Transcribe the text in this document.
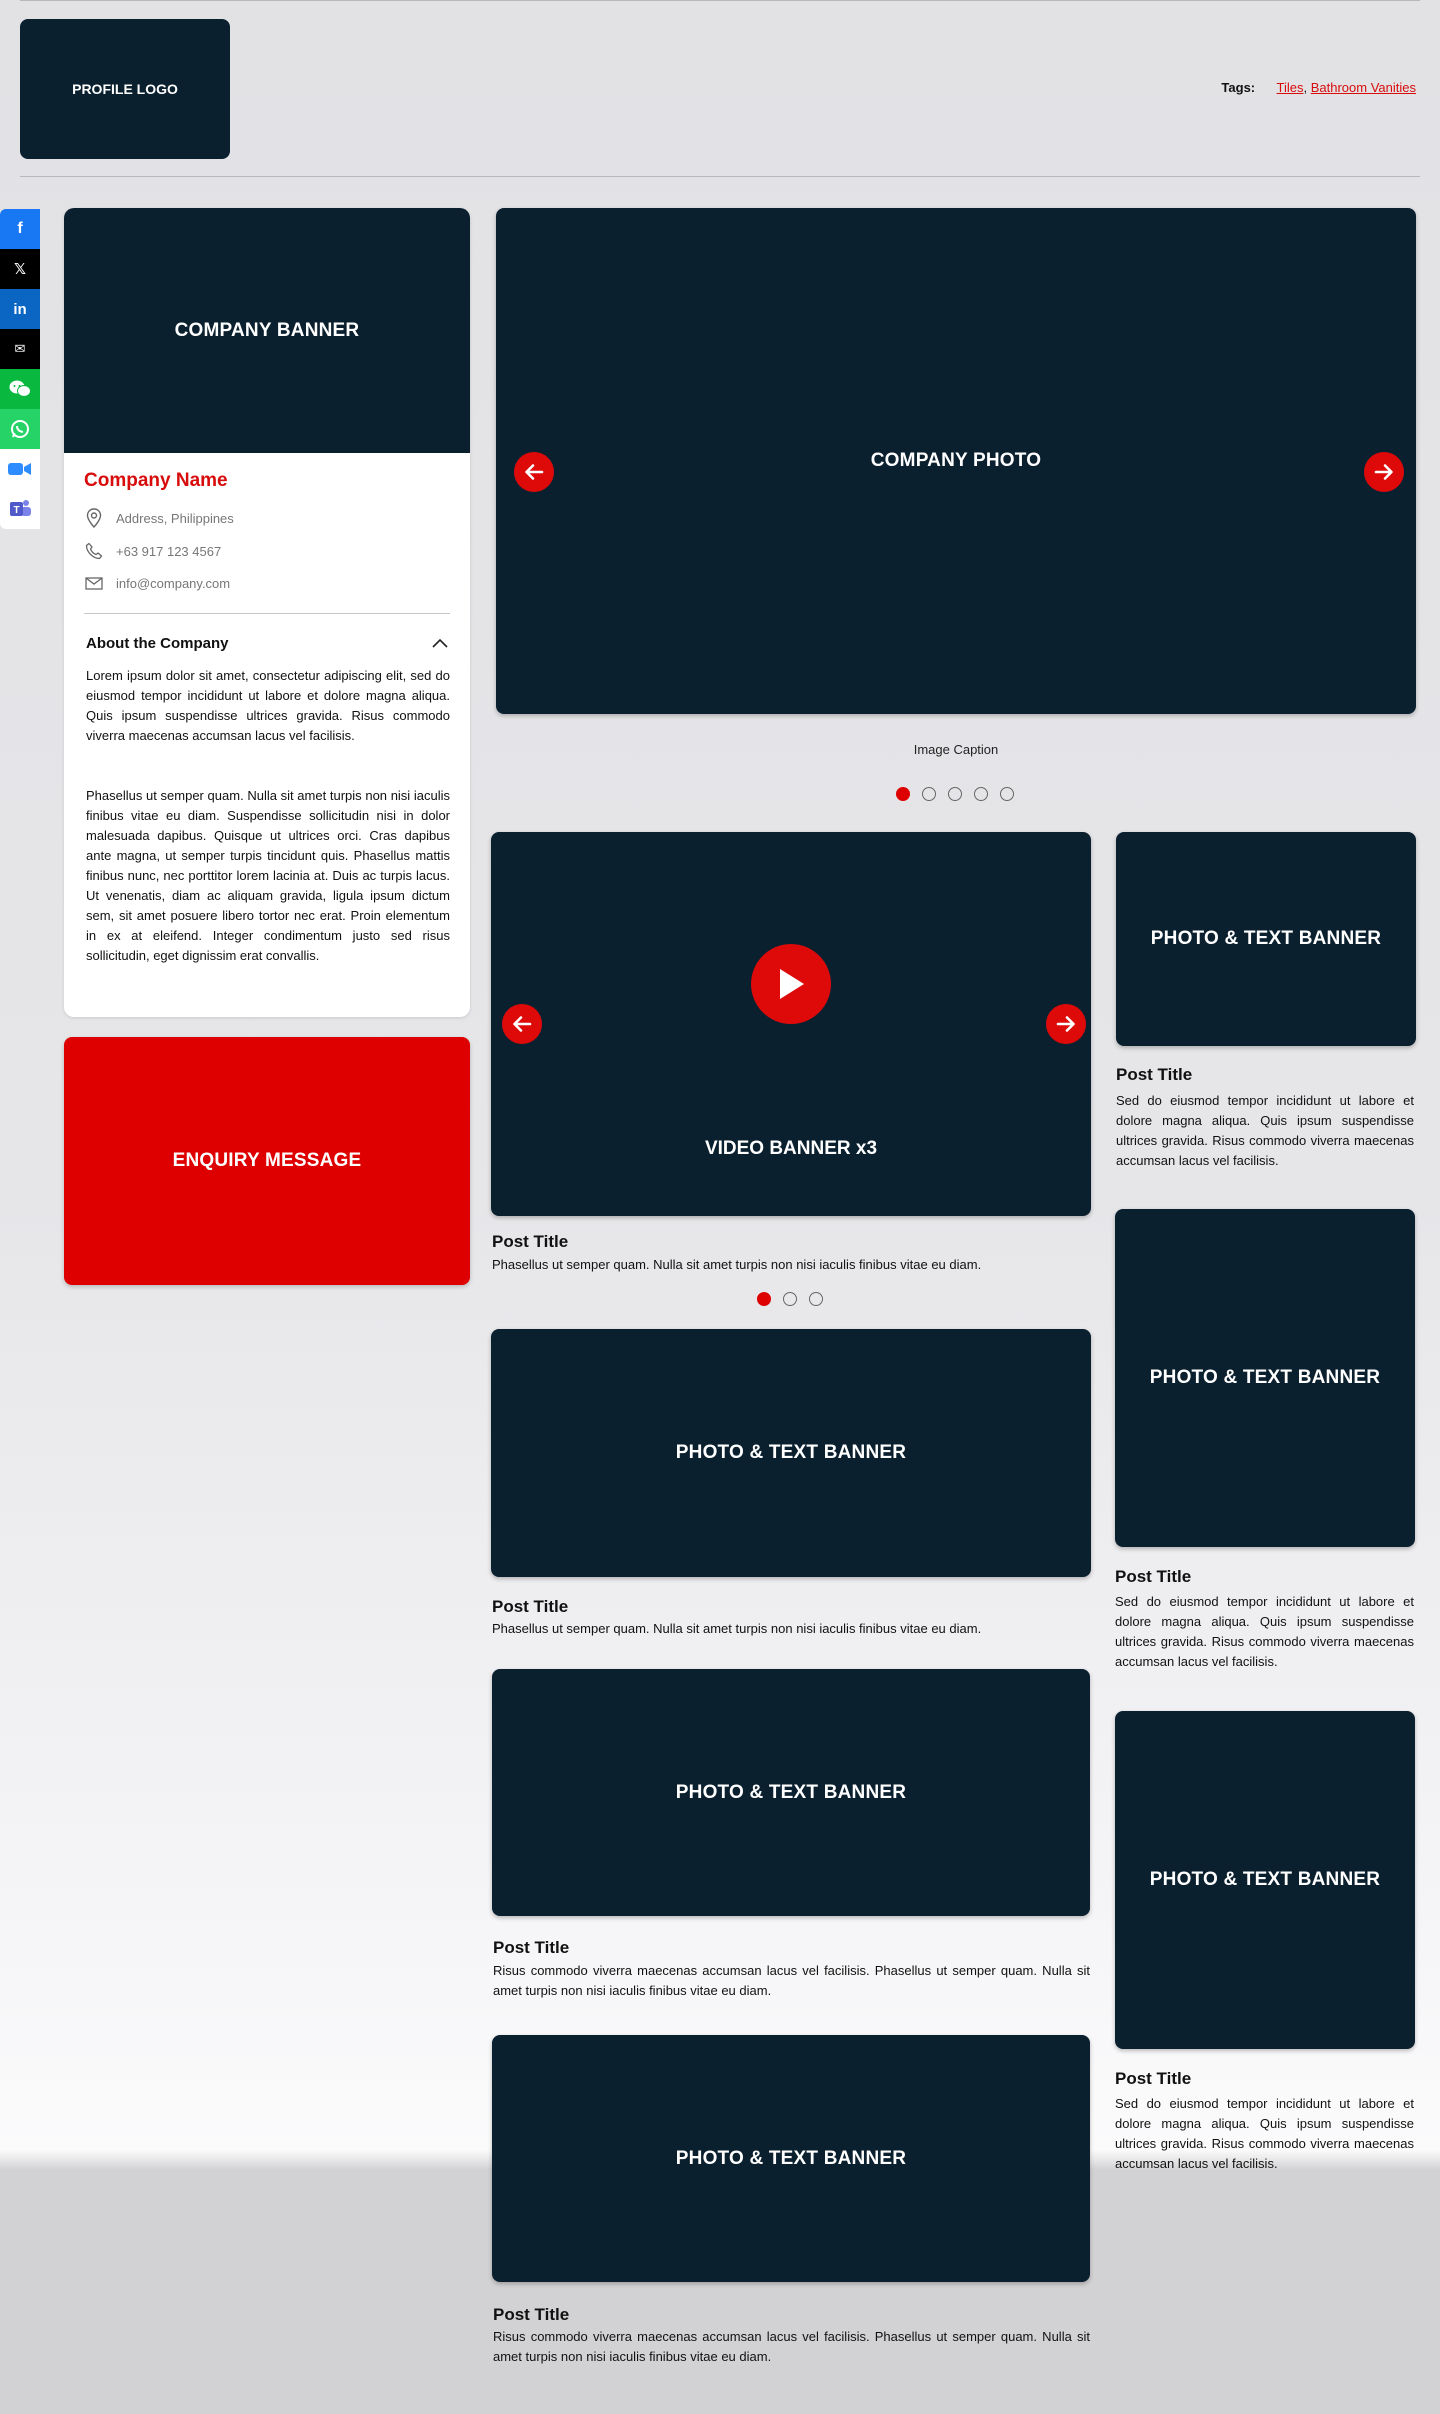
PROFILE LOGO	Tags: Tiles, Bathroom Vanities
f
𝕏
in
✉
T
COMPANY BANNER
Company Name
Address, Philippines
+63 917 123 4567
info@company.com
About the Company
Lorem ipsum dolor sit amet, consectetur adipiscing elit, sed do eiusmod tempor incididunt ut labore et dolore magna aliqua. Quis ipsum suspendisse ultrices gravida. Risus commodo viverra maecenas accumsan lacus vel facilisis.
Phasellus ut semper quam. Nulla sit amet turpis non nisi iaculis finibus vitae eu diam. Suspendisse sollicitudin nisi in dolor malesuada dapibus. Quisque ut ultrices orci. Cras dapibus ante magna, ut semper turpis tincidunt quis. Phasellus mattis finibus nunc, nec porttitor lorem lacinia at. Duis ac turpis lacus. Ut venenatis, diam ac aliquam gravida, ligula ipsum dictum sem, sit amet posuere libero tortor nec erat. Proin elementum in ex at eleifend. Integer condimentum justo sed risus sollicitudin, eget dignissim erat convallis.
ENQUIRY MESSAGE
COMPANY PHOTO
Image Caption
VIDEO BANNER x3
Post Title
Phasellus ut semper quam. Nulla sit amet turpis non nisi iaculis finibus vitae eu diam.
PHOTO & TEXT BANNER
Post Title
Phasellus ut semper quam. Nulla sit amet turpis non nisi iaculis finibus vitae eu diam.
PHOTO & TEXT BANNER
Post Title
Risus commodo viverra maecenas accumsan lacus vel facilisis. Phasellus ut semper quam. Nulla sit amet turpis non nisi iaculis finibus vitae eu diam.
PHOTO & TEXT BANNER
Post Title
Risus commodo viverra maecenas accumsan lacus vel facilisis. Phasellus ut semper quam. Nulla sit amet turpis non nisi iaculis finibus vitae eu diam.
PHOTO & TEXT BANNER
Post Title
Sed do eiusmod tempor incididunt ut labore et dolore magna aliqua. Quis ipsum suspendisse ultrices gravida. Risus commodo viverra maecenas accumsan lacus vel facilisis.
PHOTO & TEXT BANNER
Post Title
Sed do eiusmod tempor incididunt ut labore et dolore magna aliqua. Quis ipsum suspendisse ultrices gravida. Risus commodo viverra maecenas accumsan lacus vel facilisis.
PHOTO & TEXT BANNER
Post Title
Sed do eiusmod tempor incididunt ut labore et dolore magna aliqua. Quis ipsum suspendisse ultrices gravida. Risus commodo viverra maecenas accumsan lacus vel facilisis.
